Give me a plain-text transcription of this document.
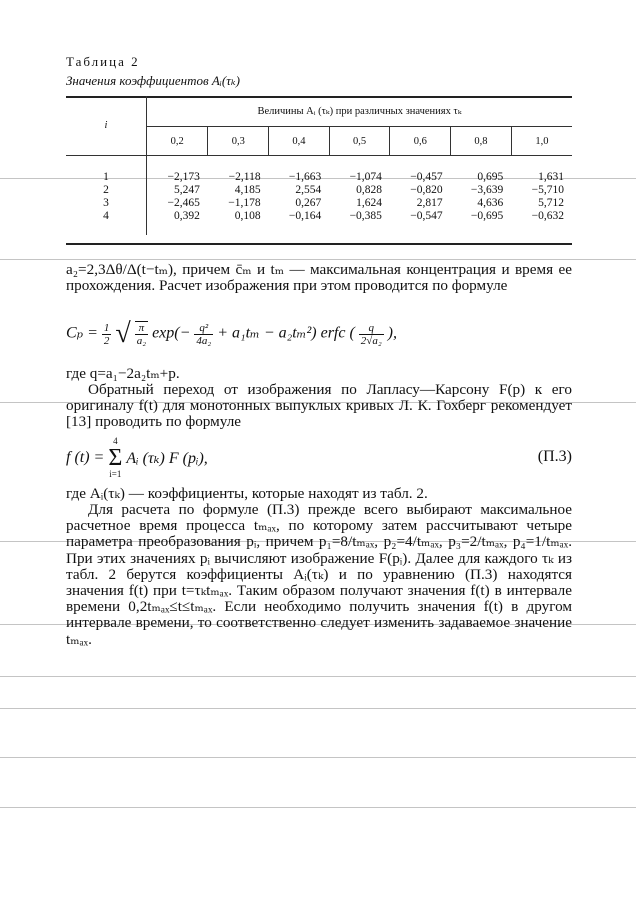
Таблица 2
Значения коэффициентов Aᵢ(τₖ)
i	Величины Aᵢ (τₖ) при различных значениях τₖ						
	0,2	0,3	0,4	0,5	0,6	0,8	1,0
1	−2,173	−2,118	−1,663	−1,074	−0,457	0,695	1,631
2	5,247	4,185	2,554	0,828	−0,820	−3,639	−5,710
3	−2,465	−1,178	0,267	1,624	2,817	4,636	5,712
4	0,392	0,108	−0,164	−0,385	−0,547	−0,695	−0,632

a₂=2,3Δθ/Δ(t−tₘ), причем c̄ₘ и tₘ — максимальная концентрация и время ее прохождения. Расчет изображения при этом проводится по формуле

$C_p = \frac{1}{2}$ √ $\frac{\pi}{\text{a₂}} \exp(- \frac{\text{q²}}{\text{4a₂}} + a_1t_m - a_2t_m^2)$ erfc ( $\frac{q}{\text{2√a₂}}$ ),

где q=a₁−2a₂tₘ+p.

Обратный переход от изображения по Лапласу—Карсону F(p) к его оригиналу f(t) для монотонных выпуклых кривых Л. К. Гохберг рекомендует [13] проводить по формуле

f (t) = 4
Σ
i=1 Aᵢ (τₖ) F (pᵢ),	(П.3)

где Aᵢ(τₖ) — коэффициенты, которые находят из табл. 2.

Для расчета по формуле (П.3) прежде всего выбирают максимальное расчетное время процесса tₘₐₓ, по которому затем рассчитывают четыре параметра преобразования pᵢ, причем p₁=8/tₘₐₓ, p₂=4/tₘₐₓ, p₃=2/tₘₐₓ, p₄=1/tₘₐₓ. При этих значениях pᵢ вычисляют изображение F(pᵢ). Далее для каждого τₖ из табл. 2 берутся коэффициенты Aᵢ(τₖ) и по уравнению (П.3) находятся значения f(t) при t=τₖtₘₐₓ. Таким образом получают значения f(t) в интервале времени 0,2tₘₐₓ≤t≤tₘₐₓ. Если необходимо получить значения f(t) в другом интервале времени, то соответственно следует изменить задаваемое значение tₘₐₓ.
